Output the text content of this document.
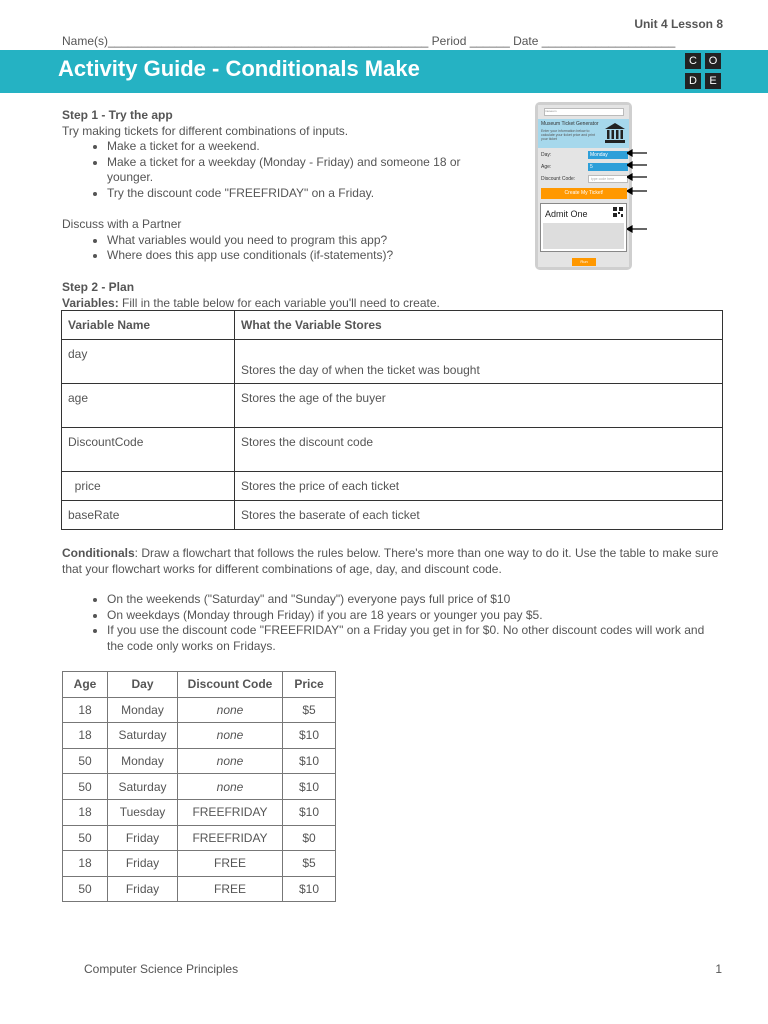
Unit 4 Lesson 8
Name(s)________________________________________________ Period ______ Date ____________________
Activity Guide - Conditionals Make	C	O
D	E
Step 1 - Try the app

Try making tickets for different combinations of inputs.

• Make a ticket for a weekend.
• Make a ticket for a weekday (Monday - Friday) and someone 18 or younger.
• Try the discount code "FREEFRIDAY" on a Friday.

Discuss with a Partner

• What variables would you need to program this app?
• Where does this app use conditionals (if-statements)?
museum
Museum Ticket Generator
Enter your information below to calculate your ticket price and print your ticket
Day:	Monday
Age:	5
Discount Code:	type code here
Create My Ticket!
Admit One
Run
Step 2 - Plan
Variables: Fill in the table below for each variable you'll need to create.
Variable Name	What the Variable Stores
day	Stores the day of when the ticket was bought
age	Stores the age of the buyer
DiscountCode	Stores the discount code
price	Stores the price of each ticket
baseRate	Stores the baserate of each ticket
Conditionals: Draw a flowchart that follows the rules below. There's more than one way to do it. Use the table to make sure that your flowchart works for different combinations of age, day, and discount code.
• On the weekends ("Saturday" and "Sunday") everyone pays full price of $10
• On weekdays (Monday through Friday) if you are 18 years or younger you pay $5.
• If you use the discount code "FREEFRIDAY" on a Friday you get in for $0. No other discount codes will work and the code only works on Fridays.
Age	Day	Discount Code	Price
18	Monday	none	$5
18	Saturday	none	$10
50	Monday	none	$10
50	Saturday	none	$10
18	Tuesday	FREEFRIDAY	$10
50	Friday	FREEFRIDAY	$0
18	Friday	FREE	$5
50	Friday	FREE	$10
Computer Science Principles	1
